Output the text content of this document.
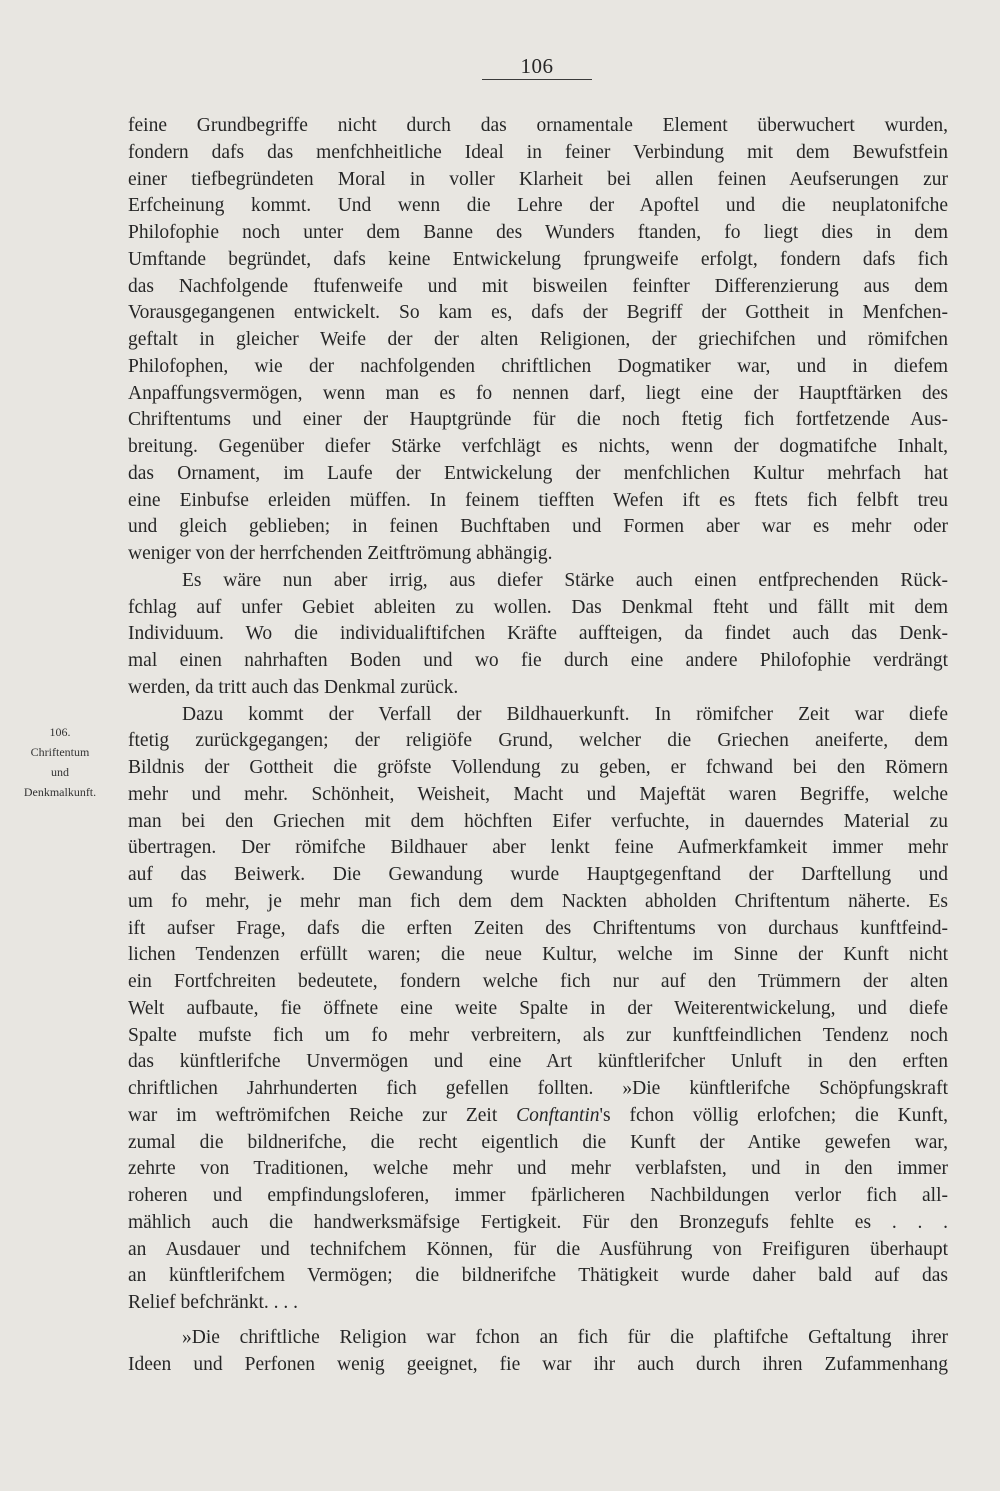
106
106.
Chriftentum
und
Denkmalkunft.
feine Grundbegriffe nicht durch das ornamentale Element überwuchert wurden,
fondern dafs das menfchheitliche Ideal in feiner Verbindung mit dem Bewufstfein
einer tiefbegründeten Moral in voller Klarheit bei allen feinen Aeufserungen zur
Erfcheinung kommt. Und wenn die Lehre der Apoftel und die neuplatonifche
Philofophie noch unter dem Banne des Wunders ftanden, fo liegt dies in dem
Umftande begründet, dafs keine Entwickelung fprungweife erfolgt, fondern dafs fich
das Nachfolgende ftufenweife und mit bisweilen feinfter Differenzierung aus dem
Vorausgegangenen entwickelt. So kam es, dafs der Begriff der Gottheit in Menfchen-
geftalt in gleicher Weife der der alten Religionen, der griechifchen und römifchen
Philofophen, wie der nachfolgenden chriftlichen Dogmatiker war, und in diefem
Anpaffungsvermögen, wenn man es fo nennen darf, liegt eine der Hauptftärken des
Chriftentums und einer der Hauptgründe für die noch ftetig fich fortfetzende Aus-
breitung. Gegenüber diefer Stärke verfchlägt es nichts, wenn der dogmatifche Inhalt,
das Ornament, im Laufe der Entwickelung der menfchlichen Kultur mehrfach hat
eine Einbufse erleiden müffen. In feinem tiefften Wefen ift es ftets fich felbft treu
und gleich geblieben; in feinen Buchftaben und Formen aber war es mehr oder
weniger von der herrfchenden Zeitftrömung abhängig.
Es wäre nun aber irrig, aus diefer Stärke auch einen entfprechenden Rück-
fchlag auf unfer Gebiet ableiten zu wollen. Das Denkmal fteht und fällt mit dem
Individuum. Wo die individualiftifchen Kräfte auffteigen, da findet auch das Denk-
mal einen nahrhaften Boden und wo fie durch eine andere Philofophie verdrängt
werden, da tritt auch das Denkmal zurück.
Dazu kommt der Verfall der Bildhauerkunft. In römifcher Zeit war diefe
ftetig zurückgegangen; der religiöfe Grund, welcher die Griechen aneiferte, dem
Bildnis der Gottheit die gröfste Vollendung zu geben, er fchwand bei den Römern
mehr und mehr. Schönheit, Weisheit, Macht und Majeftät waren Begriffe, welche
man bei den Griechen mit dem höchften Eifer verfuchte, in dauerndes Material zu
übertragen. Der römifche Bildhauer aber lenkt feine Aufmerkfamkeit immer mehr
auf das Beiwerk. Die Gewandung wurde Hauptgegenftand der Darftellung und
um fo mehr, je mehr man fich dem dem Nackten abholden Chriftentum näherte. Es
ift aufser Frage, dafs die erften Zeiten des Chriftentums von durchaus kunftfeind-
lichen Tendenzen erfüllt waren; die neue Kultur, welche im Sinne der Kunft nicht
ein Fortfchreiten bedeutete, fondern welche fich nur auf den Trümmern der alten
Welt aufbaute, fie öffnete eine weite Spalte in der Weiterentwickelung, und diefe
Spalte mufste fich um fo mehr verbreitern, als zur kunftfeindlichen Tendenz noch
das künftlerifche Unvermögen und eine Art künftlerifcher Unluft in den erften
chriftlichen Jahrhunderten fich gefellen follten. »Die künftlerifche Schöpfungskraft
war im weftrömifchen Reiche zur Zeit Conftantin's fchon völlig erlofchen; die Kunft,
zumal die bildnerifche, die recht eigentlich die Kunft der Antike gewefen war,
zehrte von Traditionen, welche mehr und mehr verblafsten, und in den immer
roheren und empfindungsloferen, immer fpärlicheren Nachbildungen verlor fich all-
mählich auch die handwerksmäfsige Fertigkeit. Für den Bronzegufs fehlte es . . .
an Ausdauer und technifchem Können, für die Ausführung von Freifiguren überhaupt
an künftlerifchem Vermögen; die bildnerifche Thätigkeit wurde daher bald auf das
Relief befchränkt. . . .
»Die chriftliche Religion war fchon an fich für die plaftifche Geftaltung ihrer
Ideen und Perfonen wenig geeignet, fie war ihr auch durch ihren Zufammenhang
